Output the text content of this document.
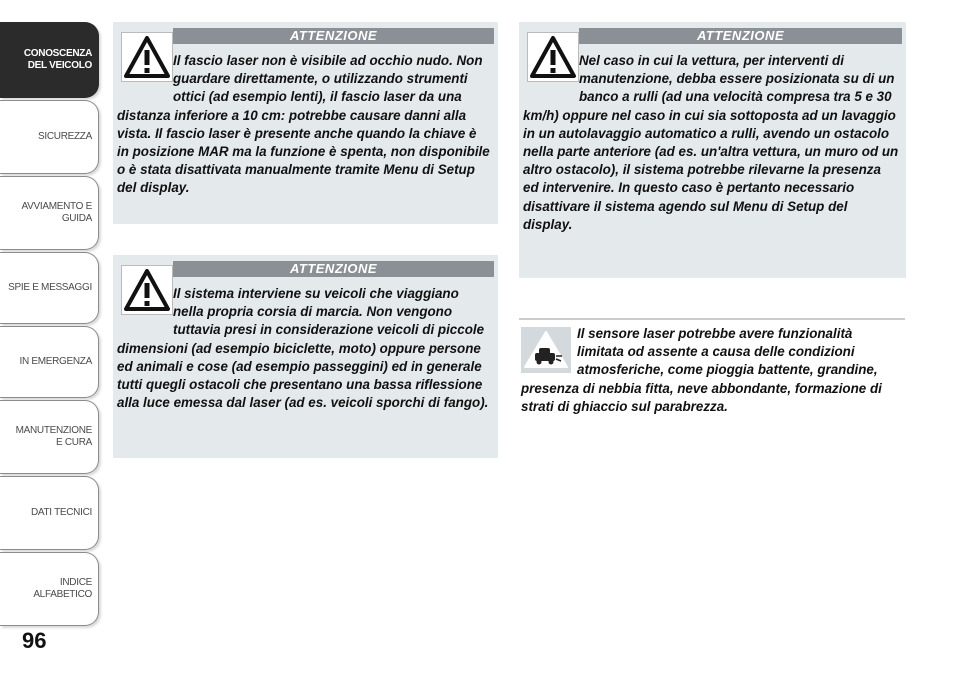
CONOSCENZA DEL VEICOLO
SICUREZZA
AVVIAMENTO E GUIDA
SPIE E MESSAGGI
IN EMERGENZA
MANUTENZIONE E CURA
DATI TECNICI
INDICE ALFABETICO
96
ATTENZIONE
Il fascio laser non è visibile ad occhio nudo. Non guardare direttamente, o utilizzando strumenti ottici (ad esempio lenti), il fascio laser da una distanza inferiore a 10 cm: potrebbe causare danni alla vista. Il fascio laser è presente anche quando la chiave è in posizione MAR ma la funzione è spenta, non disponibile o è stata disattivata manualmente tramite Menu di Setup del display.
ATTENZIONE
Il sistema interviene su veicoli che viaggiano nella propria corsia di marcia. Non vengono tuttavia presi in considerazione veicoli di piccole dimensioni (ad esempio biciclette, moto) oppure persone ed animali e cose (ad esempio passeggini) ed in generale tutti quegli ostacoli che presentano una bassa riflessione alla luce emessa dal laser (ad es. veicoli sporchi di fango).
ATTENZIONE
Nel caso in cui la vettura, per interventi di manutenzione, debba essere posizionata su di un banco a rulli (ad una velocità compresa tra 5 e 30 km/h) oppure nel caso in cui sia sottoposta ad un lavaggio in un autolavaggio automatico a rulli, avendo un ostacolo nella parte anteriore (ad es. un'altra vettura, un muro od un altro ostacolo), il sistema potrebbe rilevarne la presenza ed intervenire. In questo caso è pertanto necessario disattivare il sistema agendo sul Menu di Setup del display.
Il sensore laser potrebbe avere funzionalità limitata od assente a causa delle condizioni atmosferiche, come pioggia battente, grandine, presenza di nebbia fitta, neve abbondante, formazione di strati di ghiaccio sul parabrezza.
